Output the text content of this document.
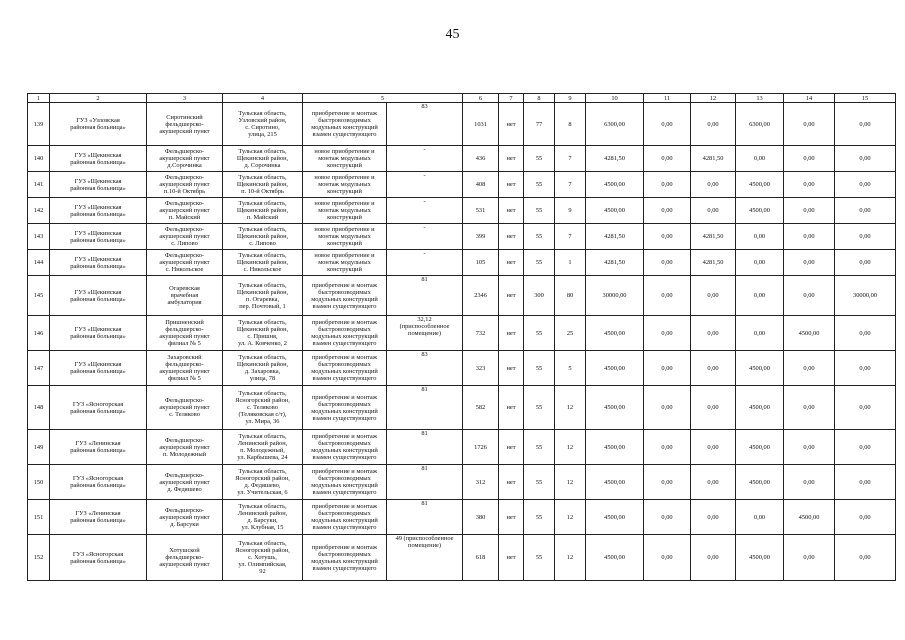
45
1	2	3	4	5		6	7	8	9	10	11	12	13	14	15
139	ГУЗ «Узловская
районная больница»	Сиротинский
фельдшерско-
акушерский пункт	Тульская область,
Узловский район,
с. Сиротино,
улица, 215	приобретение и монтаж
быстровозводимых
модульных конструкций
взамен существующего	83	1031	нет	77	8	6300,00	0,00	0,00	6300,00	0,00	0,00
140	ГУЗ «Щекинская
районная больница»	Фельдшерско-
акушерский пункт
д.Сорочинка	Тульская область,
Щекинский район,
д. Сорочинка	новое приобретение и
монтаж модульных
конструкций	-	436	нет	55	7	4281,50	0,00	4281,50	0,00	0,00	0,00
141	ГУЗ «Щекинская
районная больница»	Фельдшерско-
акушерский пункт
п.10-й Октябрь	Тульская область,
Щекинский район,
п. 10-й Октябрь	новое приобретение и
монтаж модульных
конструкций	-	408	нет	55	7	4500,00	0,00	0,00	4500,00	0,00	0,00
142	ГУЗ «Щекинская
районная больница»	Фельдшерско-
акушерский пункт
п. Майский	Тульская область,
Щекинский район,
п. Майский	новое приобретение и
монтаж модульных
конструкций	-	531	нет	55	9	4500,00	0,00	0,00	4500,00	0,00	0,00
143	ГУЗ «Щекинская
районная больница»	Фельдшерско-
акушерский пункт
с. Липово	Тульская область,
Щекинский район,
с. Липово	новое приобретение и
монтаж модульных
конструкций	-	399	нет	55	7	4281,50	0,00	4281,50	0,00	0,00	0,00
144	ГУЗ «Щекинская
районная больница»	Фельдшерско-
акушерский пункт
с. Никольское	Тульская область,
Щекинский район,
с. Никольское	новое приобретение и
монтаж модульных
конструкций	-	105	нет	55	1	4281,50	0,00	4281,50	0,00	0,00	0,00
145	ГУЗ «Щекинская
районная больница»	Огаревская
врачебная
амбулатория	Тульская область,
Щекинский район,
п. Огаревка,
пер. Почтовый, 1	приобретение и монтаж
быстровозводимых
модульных конструкций
взамен существующего	81	2346	нет	300	80	30000,00	0,00	0,00	0,00	0,00	30000,00
146	ГУЗ «Щекинская
районная больница»	Пришненский
фельдшерско-
акушерский пункт
филиал № 5	Тульская область,
Щекинский район,
с. Пришня,
ул. А. Ковченко, 2	приобретение и монтаж
быстровозводимых
модульных конструкций
взамен существующего	32,12
(приспособленное
помещение)	732	нет	55	25	4500,00	0,00	0,00	0,00	4500,00	0,00
147	ГУЗ «Щекинская
районная больница»	Захаровский
фельдшерско-
акушерский пункт
филиал № 5	Тульская область,
Щекинский район,
д. Захаровка,
улица, 78	приобретение и монтаж
быстровозводимых
модульных конструкций
взамен существующего	83	323	нет	55	5	4500,00	0,00	0,00	4500,00	0,00	0,00
148	ГУЗ «Ясногорская
районная больница»	Фельдшерско-
акушерский пункт
с. Теляково	Тульская область,
Ясногорский район,
с. Теляково
(Теляковская с/т),
ул. Мира, 36	приобретение и монтаж
быстровозводимых
модульных конструкций
взамен существующего	81	582	нет	55	12	4500,00	0,00	0,00	4500,00	0,00	0,00
149	ГУЗ «Ленинская
районная больница»	Фельдшерско-
акушерский пункт
п. Молодежный	Тульская область,
Ленинский район,
п. Молодежный,
ул. Карбышева, 24	приобретение и монтаж
быстровозводимых
модульных конструкций
взамен существующего	81	1726	нет	55	12	4500,00	0,00	0,00	4500,00	0,00	0,00
150	ГУЗ «Ясногорская
районная больница»	Фельдшерско-
акушерский пункт
д. Федяшево	Тульская область,
Ясногорский район,
д. Федяшево,
ул. Учительская, 6	приобретение и монтаж
быстровозводимых
модульных конструкций
взамен существующего	81	312	нет	55	12	4500,00	0,00	0,00	4500,00	0,00	0,00
151	ГУЗ «Ленинская
районная больница»	Фельдшерско-
акушерский пункт
д. Барсуки	Тульская область,
Ленинский район,
д. Барсуки,
ул. Клубная, 15	приобретение и монтаж
быстровозводимых
модульных конструкций
взамен существующего	81	380	нет	55	12	4500,00	0,00	0,00	0,00	4500,00	0,00
152	ГУЗ «Ясногорская
районная больница»	Хотушской
фельдшерско-
акушерский пункт	Тульская область,
Ясногорский район,
с. Хотушь,
ул. Олимпийская,
92	приобретение и монтаж
быстровозводимых
модульных конструкций
взамен существующего	49 (приспособленное
помещение)	618	нет	55	12	4500,00	0,00	0,00	4500,00	0,00	0,00
